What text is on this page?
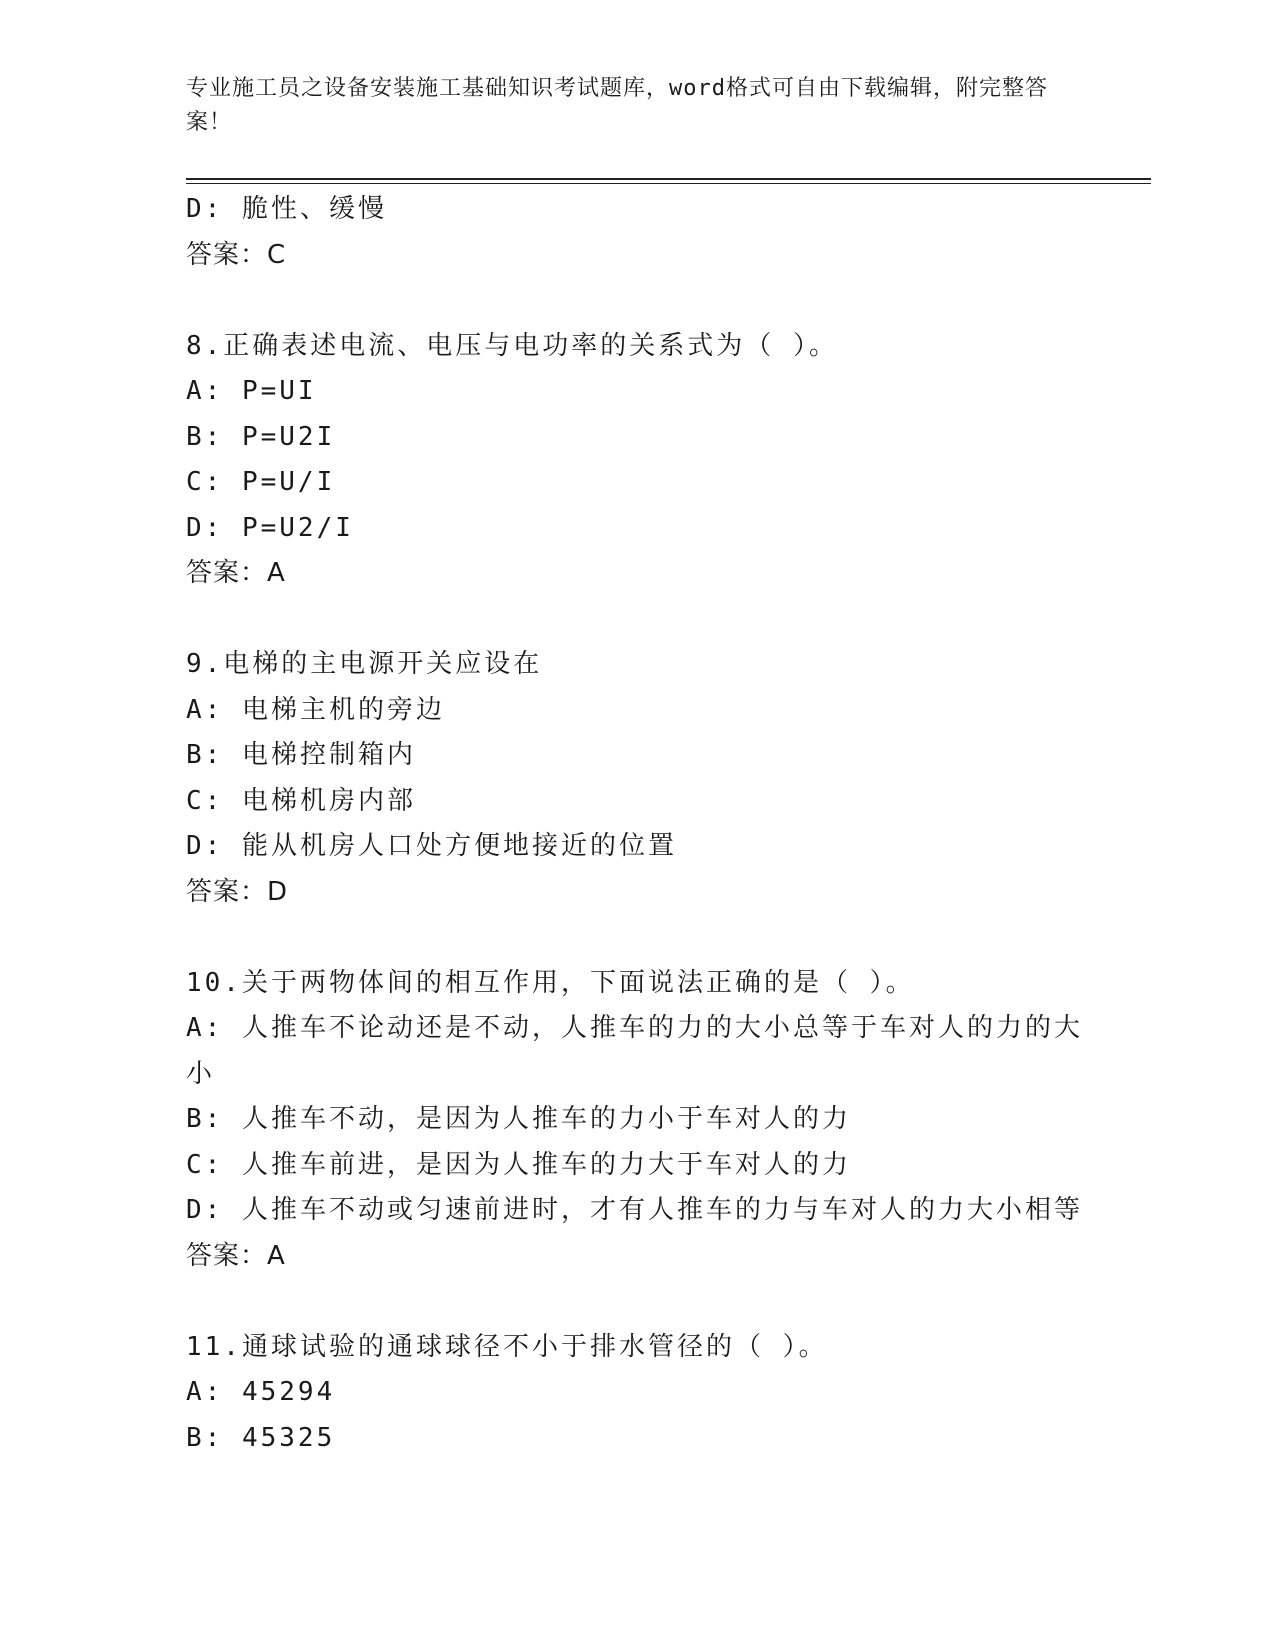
专业施工员之设备安装施工基础知识考试题库，word格式可自由下载编辑，附完整答案！
D: 脆性、缓慢
答案：C
8.正确表述电流、电压与电功率的关系式为（ ）。
A: P=UI
B: P=U2I
C: P=U/I
D: P=U2/I
答案：A
9.电梯的主电源开关应设在
A: 电梯主机的旁边
B: 电梯控制箱内
C: 电梯机房内部
D: 能从机房人口处方便地接近的位置
答案：D
10.关于两物体间的相互作用，下面说法正确的是（ ）。
A: 人推车不论动还是不动，人推车的力的大小总等于车对人的力的大小
B: 人推车不动，是因为人推车的力小于车对人的力
C: 人推车前进，是因为人推车的力大于车对人的力
D: 人推车不动或匀速前进时，才有人推车的力与车对人的力大小相等
答案：A
11.通球试验的通球球径不小于排水管径的（ ）。
A: 45294
B: 45325
